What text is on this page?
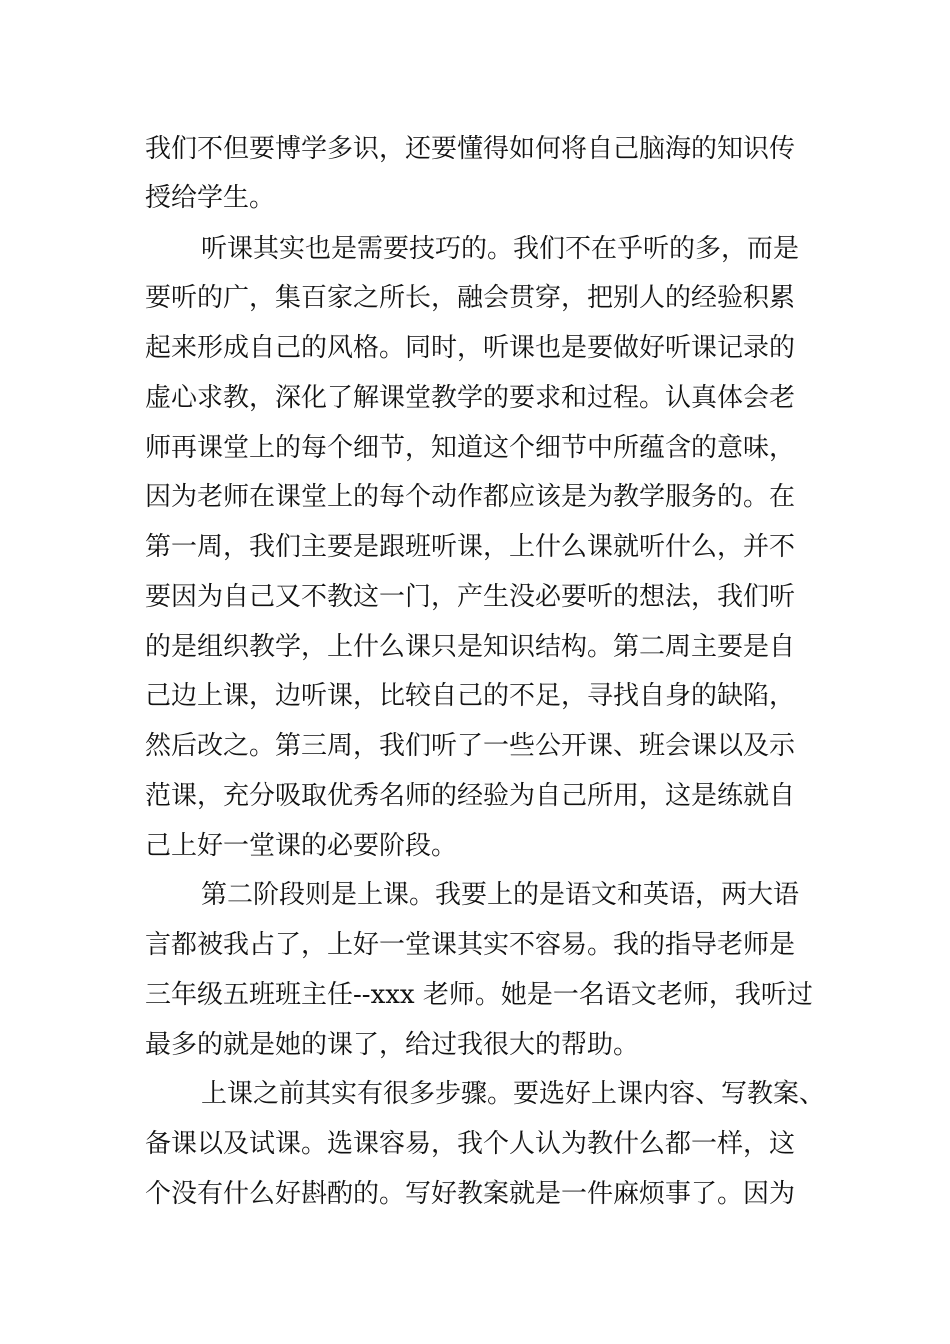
我们不但要博学多识，还要懂得如何将自己脑海的知识传
授给学生。
听课其实也是需要技巧的。我们不在乎听的多，而是
要听的广，集百家之所长，融会贯穿，把别人的经验积累
起来形成自己的风格。同时，听课也是要做好听课记录的
虚心求教，深化了解课堂教学的要求和过程。认真体会老
师再课堂上的每个细节，知道这个细节中所蕴含的意味，
因为老师在课堂上的每个动作都应该是为教学服务的。在
第一周，我们主要是跟班听课，上什么课就听什么，并不
要因为自己又不教这一门，产生没必要听的想法，我们听
的是组织教学，上什么课只是知识结构。第二周主要是自
己边上课，边听课，比较自己的不足，寻找自身的缺陷，
然后改之。第三周，我们听了一些公开课、班会课以及示
范课，充分吸取优秀名师的经验为自己所用，这是练就自
己上好一堂课的必要阶段。
第二阶段则是上课。我要上的是语文和英语，两大语
言都被我占了，上好一堂课其实不容易。我的指导老师是
三年级五班班主任--xxx 老师。她是一名语文老师，我听过
最多的就是她的课了，给过我很大的帮助。
上课之前其实有很多步骤。要选好上课内容、写教案、
备课以及试课。选课容易，我个人认为教什么都一样，这
个没有什么好斟酌的。写好教案就是一件麻烦事了。因为
